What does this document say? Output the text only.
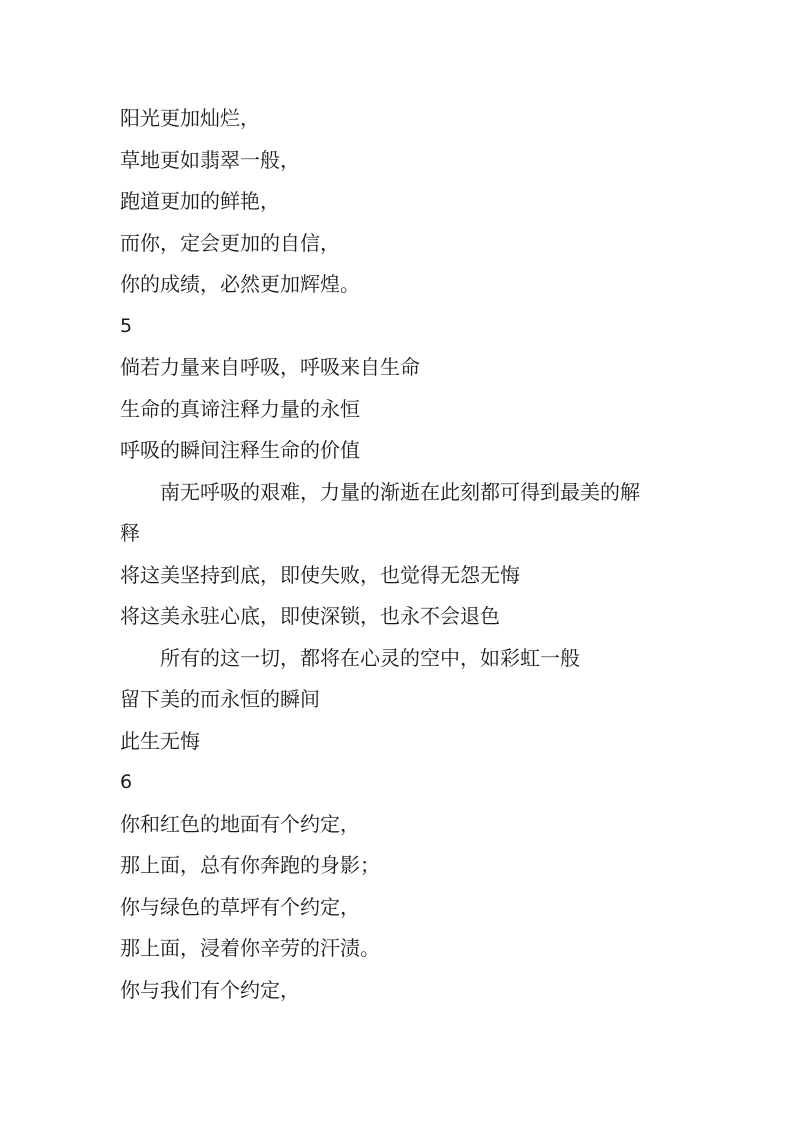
阳光更加灿烂，
草地更如翡翠一般，
跑道更加的鲜艳，
而你，定会更加的自信，
你的成绩，必然更加辉煌。
5
倘若力量来自呼吸，呼吸来自生命
生命的真谛注释力量的永恒
呼吸的瞬间注释生命的价值
南无呼吸的艰难，力量的渐逝在此刻都可得到最美的解
释
将这美坚持到底，即使失败，也觉得无怨无悔
将这美永驻心底，即使深锁，也永不会退色
所有的这一切，都将在心灵的空中，如彩虹一般
留下美的而永恒的瞬间
此生无悔
6
你和红色的地面有个约定，
那上面，总有你奔跑的身影；
你与绿色的草坪有个约定，
那上面，浸着你辛劳的汗渍。
你与我们有个约定，
